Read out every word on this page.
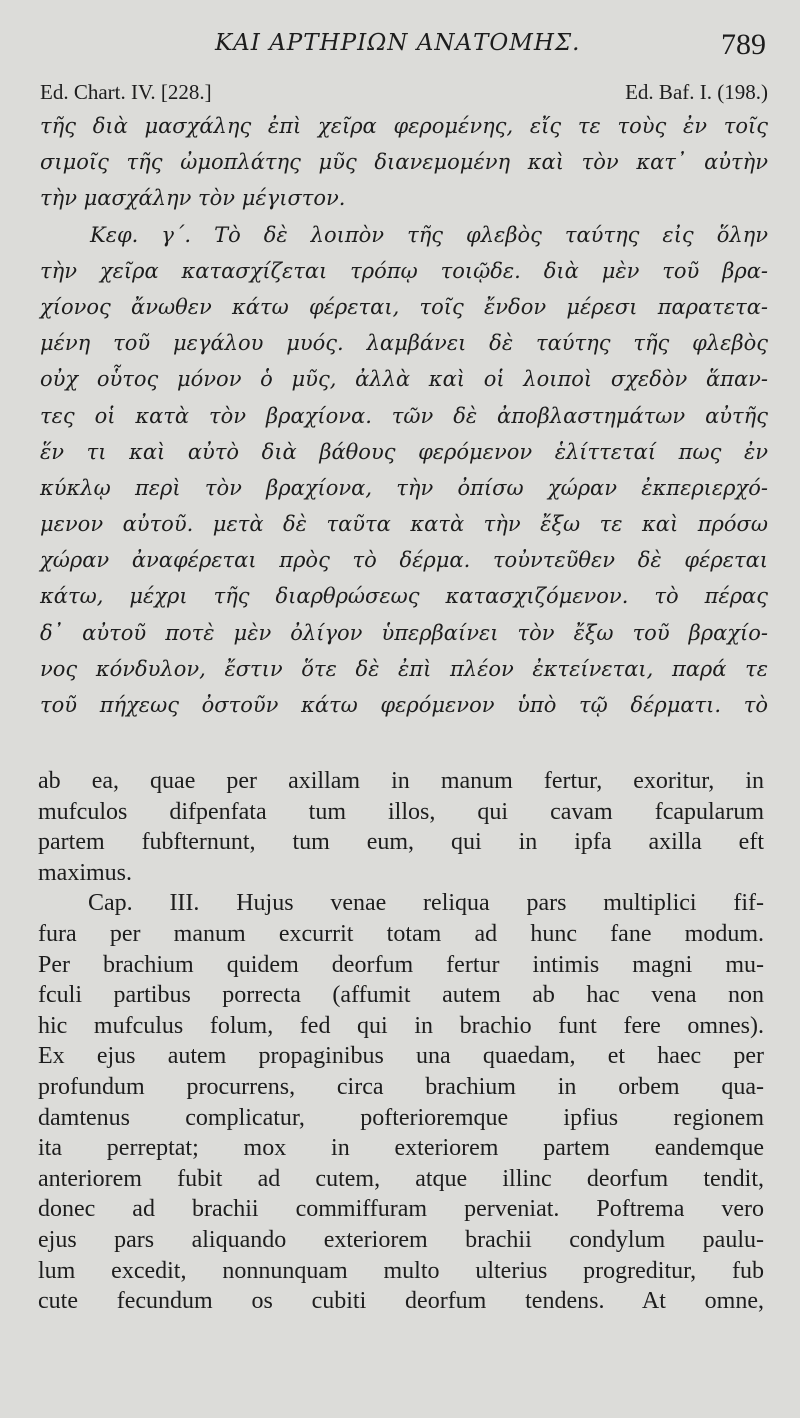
ΚΑΙ ΑΡΤΗΡΙΩΝ ΑΝΑΤΟΜΗΣ.	789
Ed. Chart. IV. [228.]	Ed. Baf. I. (198.)
τῆς διὰ μασχάλης ἐπὶ χεῖρα φερομένης, εἴς τε τοὺς ἐν τοῖς
σιμοῖς τῆς ὠμοπλάτης μῦς διανεμομένη καὶ τὸν κατ᾽ αὐτὴν
τὴν μασχάλην τὸν μέγιστον.
Κεφ. γ΄. Τὸ δὲ λοιπὸν τῆς φλεβὸς ταύτης εἰς ὅλην
τὴν χεῖρα κατασχίζεται τρόπῳ τοιῷδε. διὰ μὲν τοῦ βρα-
χίονος ἄνωθεν κάτω φέρεται, τοῖς ἔνδον μέρεσι παρατετα-
μένη τοῦ μεγάλου μυός. λαμβάνει δὲ ταύτης τῆς φλεβὸς
οὐχ οὗτος μόνον ὁ μῦς, ἀλλὰ καὶ οἱ λοιποὶ σχεδὸν ἅπαν-
τες οἱ κατὰ τὸν βραχίονα. τῶν δὲ ἀποβλαστημάτων αὐτῆς
ἕν τι καὶ αὐτὸ διὰ βάθους φερόμενον ἑλίττεταί πως ἐν
κύκλῳ περὶ τὸν βραχίονα, τὴν ὀπίσω χώραν ἐκπεριερχό-
μενον αὐτοῦ. μετὰ δὲ ταῦτα κατὰ τὴν ἔξω τε καὶ πρόσω
χώραν ἀναφέρεται πρὸς τὸ δέρμα. τοὐντεῦθεν δὲ φέρεται
κάτω, μέχρι τῆς διαρθρώσεως κατασχιζόμενον. τὸ πέρας
δ᾽ αὐτοῦ ποτὲ μὲν ὀλίγον ὑπερβαίνει τὸν ἔξω τοῦ βραχίο-
νος κόνδυλον, ἔστιν ὅτε δὲ ἐπὶ πλέον ἐκτείνεται, παρά τε
τοῦ πήχεως ὀστοῦν κάτω φερόμενον ὑπὸ τῷ δέρματι. τὸ
ab ea, quae per axillam in manum fertur, exoritur, in
mufculos difpenfata tum illos, qui cavam fcapularum
partem fubfternunt, tum eum, qui in ipfa axilla eft
maximus.
Cap. III. Hujus venae reliqua pars multiplici fif-
fura per manum excurrit totam ad hunc fane modum.
Per brachium quidem deorfum fertur intimis magni mu-
fculi partibus porrecta (affumit autem ab hac vena non
hic mufculus folum, fed qui in brachio funt fere omnes).
Ex ejus autem propaginibus una quaedam, et haec per
profundum procurrens, circa brachium in orbem qua-
damtenus complicatur, pofterioremque ipfius regionem
ita perreptat; mox in exteriorem partem eandemque
anteriorem fubit ad cutem, atque illinc deorfum tendit,
donec ad brachii commiffuram perveniat. Poftrema vero
ejus pars aliquando exteriorem brachii condylum paulu-
lum excedit, nonnunquam multo ulterius progreditur, fub
cute fecundum os cubiti deorfum tendens. At omne,
